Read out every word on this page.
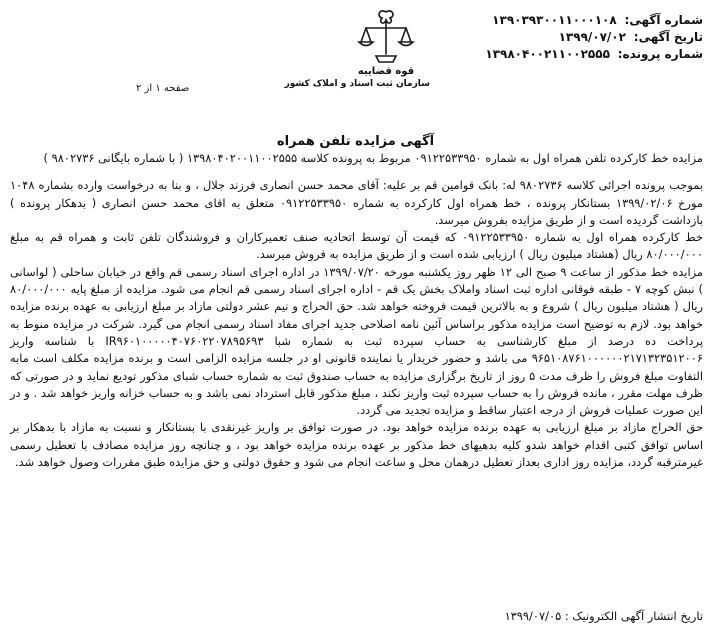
شماره آگهی: ۱۳۹۰۳۹۳۰۰۱۱۰۰۰۱۰۸
تاریخ آگهی: ۱۳۹۹/۰۷/۰۲
شماره پرونده: ۱۳۹۸۰۴۰۰۲۱۱۰۰۲۵۵۵
قوه قضاییه
سازمان ثبت اسناد و املاک کشور
صفحه ۱ از ۲
آگهی مزایده تلفن همراه

مزایده خط کارکرده تلفن همراه اول به شماره ۰۹۱۲۲۵۳۳۹۵۰ مربوط به پرونده کلاسه ۱۳۹۸۰۴۰۲۰۰۱۱۰۰۲۵۵۵ ( با شماره بایگانی ۹۸۰۲۷۳۶ )

بموجب پرونده اجرائی کلاسه ۹۸۰۲۷۳۶ له: بانک قوامین قم بر علیه: آقای محمد حسن انصاری فرزند جلال ، و بنا به درخواست وارده بشماره ۱۰۴۸ مورخ ۱۳۹۹/۰۲/۰۶ بستانکار پرونده ، خط همراه اول کارکرده به شماره ۰۹۱۲۲۵۳۳۹۵۰ متعلق به اقای محمد حسن انصاری ( بدهکار پرونده ) بازداشت گردیده است و از طریق مزایده بفروش میرسد.

خط کارکرده همراه اول به شماره ۰۹۱۲۲۵۳۳۹۵۰ که قیمت آن توسط اتحادیه صنف تعمیرکاران و فروشندگان تلفن ثابت و همراه قم به مبلغ ۸۰/۰۰۰/۰۰۰ ریال (هشتاد میلیون ریال ) ارزیابی شده است و از طریق مزایده به فروش میرسد.

مزایده خط مذکور از ساعت ۹ صبح الی ۱۲ ظهر روز یکشنبه مورخه ۱۳۹۹/۰۷/۲۰ در اداره اجرای اسناد رسمی قم واقع در خیابان ساحلی ( لواسانی ) نبش کوچه ۷ - طبقه فوقانی اداره ثبت اسناد واملاک بخش یک قم - اداره اجرای اسناد رسمی قم انجام می شود. مزایده از مبلغ پایه ۸۰/۰۰۰/۰۰۰ ریال ( هشتاد میلیون ریال ) شروع و به بالاترین قیمت فروخته خواهد شد. حق الحراج و نیم عشر دولتی مازاد بر مبلغ ارزیابی به عهده برنده مزایده خواهد بود. لازم به توضیح است مزایده مذکور براساس آئین نامه اصلاحی جدید اجرای مفاد اسناد رسمی انجام می گیرد. شرکت در مزایده منوط به پرداخت ده درصد از مبلغ کارشناسی به حساب سپرده ثبت به شماره شبا IR۹۶۰۱۰۰۰۰۰۴۰۷۶۰۲۲۰۷۸۹۵۶۹۳ با شناسه واریز ۹۶۵۱۰۸۷۶۱۰۰۰۰۰۰۲۱۷۱۳۲۳۵۱۲۰۰۶ می باشد و حضور خریدار یا نماینده قانونی او در جلسه مزایده الزامی است و برنده مزایده مکلف است مابه التفاوت مبلغ فروش را ظرف مدت ۵ روز از تاریخ برگزاری مزایده به حساب صندوق ثبت به شماره حساب شبای مذکور تودیع نماید و در صورتی که ظرف مهلت مقرر ، مانده فروش را به حساب سپرده ثبت واریز نکند ، مبلغ مذکور قابل استرداد نمی باشد و به حساب خزانه واریز خواهد شد . و در این صورت عملیات فروش از درجه اعتبار ساقط و مزایده تجدید می گردد.

حق الحراج مازاد بر مبلغ ارزیابی به عهده برنده مزایده خواهد بود. در صورت توافق بر واریز غیرنقدی با بستانکار و نسبت به مازاد با بدهکار بر اساس توافق کتبی اقدام خواهد شدو کلیه بدهیهای خط مذکور بر عهده برنده مزایده خواهد بود ، و چنانچه روز مزایده مصادف با تعطیل رسمی غیرمترقبه گردد، مزایده روز اداری بعداز تعطیل درهمان محل و ساعت انجام می شود و حقوق دولتی و حق مزایده طبق مقررات وصول خواهد شد.

تاریخ انتشار آگهی الکترونیک : ۱۳۹۹/۰۷/۰۵
